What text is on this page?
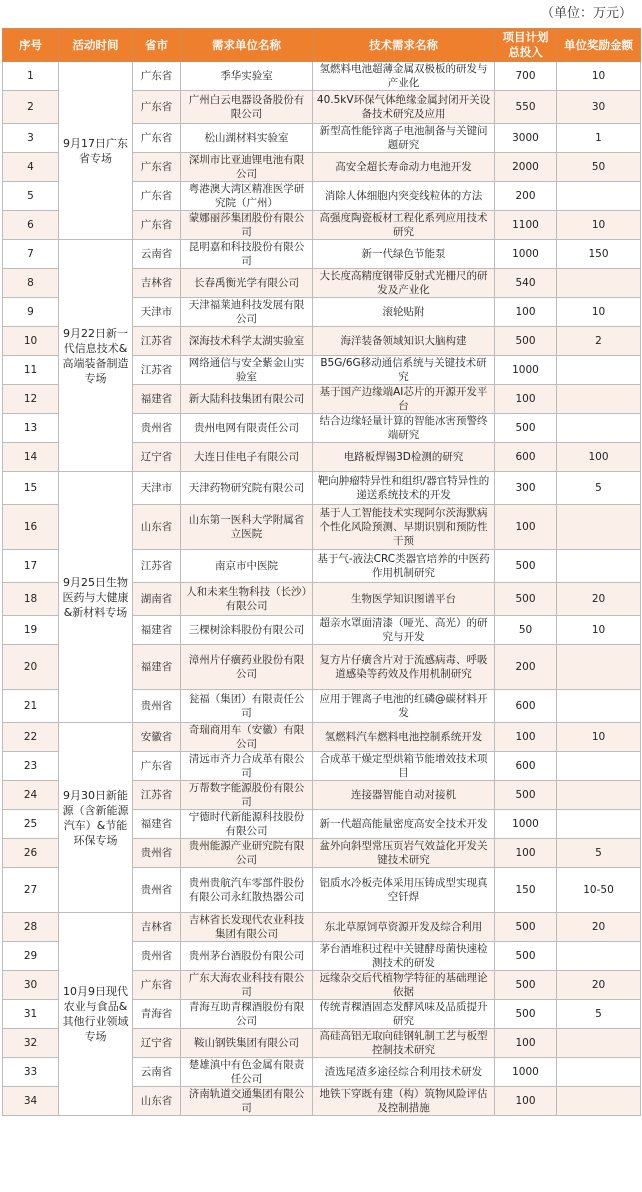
（单位：万元）
序号	活动时间	省市	需求单位名称	技术需求名称	项目计划总投入	单位奖励金额
1	9月17日广东省专场	广东省	季华实验室	氢燃料电池超薄金属双极板的研发与产业化	700	10
2		广东省	广州白云电器设备股份有限公司	40.5kV环保气体绝缘金属封闭开关设备技术研究及应用	550	30
3		广东省	松山湖材料实验室	新型高性能锌离子电池制备与关键问题研究	3000	1
4		广东省	深圳市比亚迪锂电池有限公司	高安全超长寿命动力电池开发	2000	50
5		广东省	粤港澳大湾区精准医学研究院（广州）	消除人体细胞内突变线粒体的方法	200	
6		广东省	蒙娜丽莎集团股份有限公司	高强度陶瓷板材工程化系列应用技术研究	1100	10
7	9月22日新一代信息技术&高端装备制造专场	云南省	昆明嘉和科技股份有限公司	新一代绿色节能泵	1000	150
8		吉林省	长春禹衡光学有限公司	大长度高精度钢带反射式光栅尺的研发及产业化	540	
9		天津市	天津福莱迪科技发展有限公司	滚轮贴附	100	10
10		江苏省	深海技术科学太湖实验室	海洋装备领域知识大脑构建	500	2
11		江苏省	网络通信与安全紫金山实验室	B5G/6G移动通信系统与关键技术研究	1000	
12		福建省	新大陆科技集团有限公司	基于国产边缘端AI芯片的开源开发平台	100	
13		贵州省	贵州电网有限责任公司	结合边缘轻量计算的智能冰害预警终端研究	500	
14		辽宁省	大连日佳电子有限公司	电路板焊锡3D检测的研究	600	100
15	9月25日生物医药与大健康&新材料专场	天津市	天津药物研究院有限公司	靶向肿瘤特异性和组织/器官特异性的递送系统技术的开发	300	5
16		山东省	山东第一医科大学附属省立医院	基于人工智能技术实现阿尔茨海默病个性化风险预测、早期识别和预防性干预	100	
17		江苏省	南京市中医院	基于气-液法CRC类器官培养的中医药作用机制研究	500	
18		湖南省	人和未来生物科技（长沙）有限公司	生物医学知识图谱平台	500	20
19		福建省	三棵树涂料股份有限公司	超亲水罩面清漆（哑光、高光）的研究与开发	50	10
20		福建省	漳州片仔癀药业股份有限公司	复方片仔癀含片对于流感病毒、呼吸道感染等药效及作用机制研究	200	
21		贵州省	瓮福（集团）有限责任公司	应用于锂离子电池的红磷@碳材料开发	600	
22	9月30日新能源（含新能源汽车）&节能环保专场	安徽省	奇瑞商用车（安徽）有限公司	氢燃料汽车燃料电池控制系统开发	100	10
23		广东省	清远市齐力合成革有限公司	合成革干燥定型烘箱节能增效技术项目	600	
24		江苏省	万帮数字能源股份有限公司	连接器智能自动对接机	500	
25		福建省	宁德时代新能源科技股份有限公司	新一代超高能量密度高安全技术开发	1000	
26		贵州省	贵州能源产业研究院有限公司	盆外向斜型常压页岩气效益化开发关键技术研究	100	5
27		贵州省	贵州贵航汽车零部件股份有限公司永红散热器公司	铝质水冷板壳体采用压铸成型实现真空钎焊	150	10-50
28	10月9日现代农业与食品&其他行业领域专场	吉林省	吉林省长发现代农业科技集团有限公司	东北草原饲草资源开发及综合利用	500	20
29		贵州省	贵州茅台酒股份有限公司	茅台酒堆积过程中关键酵母菌快速检测技术的研发	500	
30		广东省	广东大海农业科技有限公司	远缘杂交后代植物学特征的基础理论依据	500	20
31		青海省	青海互助青稞酒股份有限公司	传统青稞酒固态发酵风味及品质提升研究	500	5
32		辽宁省	鞍山钢铁集团有限公司	高硅高铝无取向硅钢轧制工艺与板型控制技术研究	100	
33		云南省	楚雄滇中有色金属有限责任公司	渣选尾渣多途径综合利用技术研发	1000	
34		山东省	济南轨道交通集团有限公司	地铁下穿既有建（构）筑物风险评估及控制措施	100	
